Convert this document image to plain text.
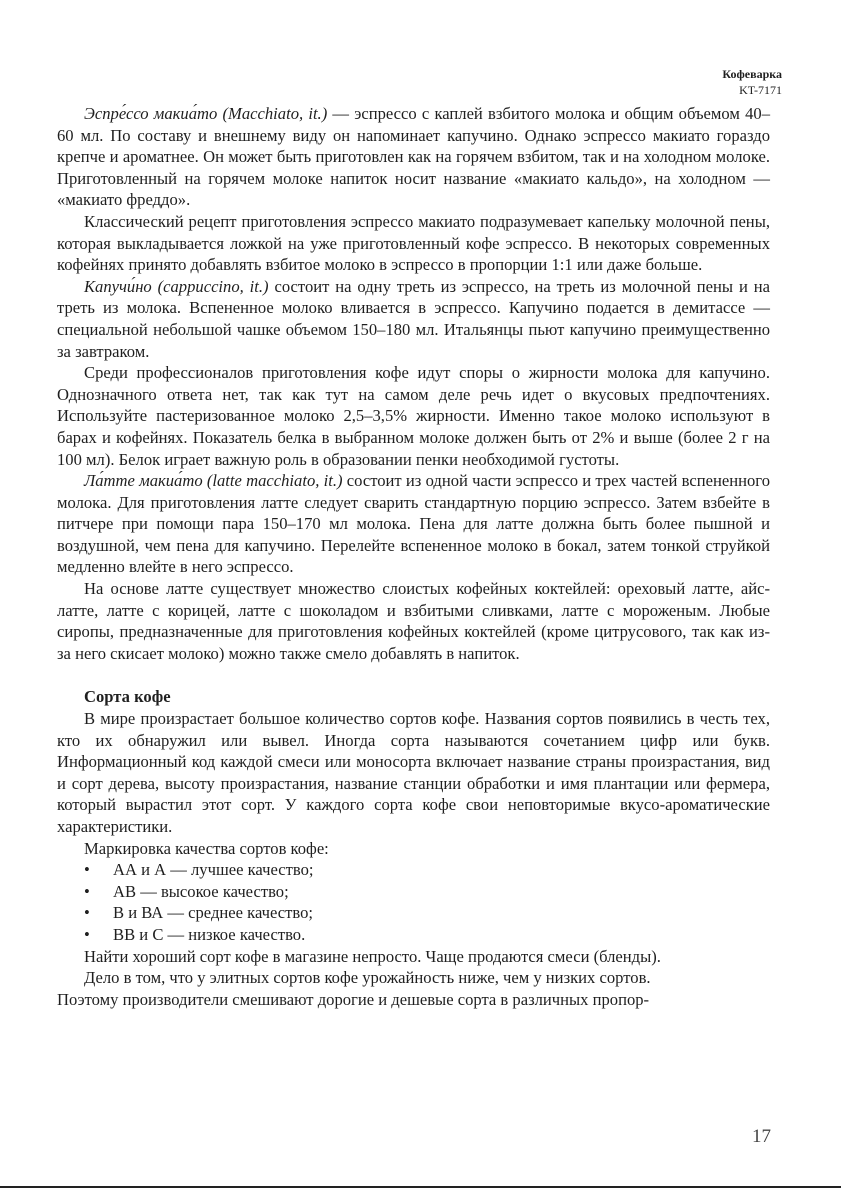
Кофеварка
KT-7171

Эспре́ссо макиа́то (Macchiato, it.) — эспрессо с каплей взбитого молока и общим объемом 40–60 мл. По составу и внешнему виду он напоминает капучино. Однако эспрессо макиато гораздо крепче и ароматнее. Он может быть приготовлен как на горячем взбитом, так и на холодном молоке. Приготовленный на горячем молоке напиток носит название «макиато кальдо», на холодном — «макиато фреддо».

Классический рецепт приготовления эспрессо макиато подразумевает капельку молочной пены, которая выкладывается ложкой на уже приготовленный кофе эспрессо. В некоторых современных кофейнях принято добавлять взбитое молоко в эспрессо в пропорции 1:1 или даже больше.

Капучи́но (cappuccino, it.) состоит на одну треть из эспрессо, на треть из молочной пены и на треть из молока. Вспененное молоко вливается в эспрессо. Капучино подается в демитассе — специальной небольшой чашке объемом 150–180 мл. Итальянцы пьют капучино преимущественно за завтраком.

Среди профессионалов приготовления кофе идут споры о жирности молока для капучино. Однозначного ответа нет, так как тут на самом деле речь идет о вкусовых предпочтениях. Используйте пастеризованное молоко 2,5–3,5% жирности. Именно такое молоко используют в барах и кофейнях. Показатель белка в выбранном молоке должен быть от 2% и выше (более 2 г на 100 мл). Белок играет важную роль в образовании пенки необходимой густоты.

Ла́тте макиа́то (latte macchiato, it.) состоит из одной части эспрессо и трех частей вспененного молока. Для приготовления латте следует сварить стандартную порцию эспрессо. Затем взбейте в питчере при помощи пара 150–170 мл молока. Пена для латте должна быть более пышной и воздушной, чем пена для капучино. Перелейте вспененное молоко в бокал, затем тонкой струйкой медленно влейте в него эспрессо.

На основе латте существует множество слоистых кофейных коктейлей: ореховый латте, айс-латте, латте с корицей, латте с шоколадом и взбитыми сливками, латте с мороженым. Любые сиропы, предназначенные для приготовления кофейных коктейлей (кроме цитрусового, так как из-за него скисает молоко) можно также смело добавлять в напиток.

Сорта кофе

В мире произрастает большое количество сортов кофе. Названия сортов появились в честь тех, кто их обнаружил или вывел. Иногда сорта называются сочетанием цифр или букв. Информационный код каждой смеси или моносорта включает название страны произрастания, вид и сорт дерева, высоту произрастания, название станции обработки и имя плантации или фермера, который вырастил этот сорт. У каждого сорта кофе свои неповторимые вкусо-ароматические характеристики.

Маркировка качества сортов кофе:

• АА и А — лучшее качество;
• АВ — высокое качество;
• В и ВА — среднее качество;
• ВВ и С — низкое качество.

Найти хороший сорт кофе в магазине непросто. Чаще продаются смеси (бленды).

Дело в том, что у элитных сортов кофе урожайность ниже, чем у низких сортов.

Поэтому производители смешивают дорогие и дешевые сорта в различных пропор-

17
